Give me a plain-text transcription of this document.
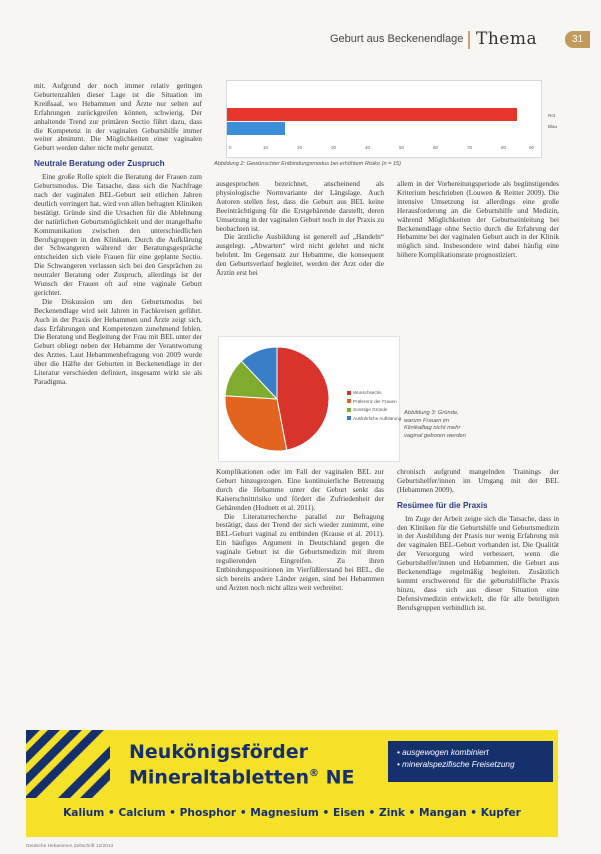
Geburt aus Beckenendlage Thema	31

mit. Aufgrund der noch immer relativ geringen Geburtenzahlen dieser Lage ist die Situation im Kreißsaal, wo Hebammen und Ärzte nur selten auf Erfahrungen zurückgreifen können, schwierig. Der anhaltende Trend zur primären Sectio führt dazu, dass die Kompetenz in der vaginalen Geburtshilfe immer weiter abnimmt. Die Möglichkeiten einer vaginalen Geburt werden daher nicht mehr genutzt.

Neutrale Beratung oder Zuspruch

Eine große Rolle spielt die Beratung der Frauen zum Geburtsmodus. Die Tatsache, dass sich die Nachfrage nach der vaginalen BEL-Geburt seit etlichen Jahren deutlich verringert hat, wird von allen befragten Kliniken bestätigt. Gründe sind die Ursachen für die Ablehnung der natürlichen Geburtsmöglichkeit und der mangelhafte Kommunikation zwischen den unterschiedlichen Berufsgruppen in den Kliniken. Durch die Aufklärung der Schwangeren während der Beratungsgespräche entscheiden sich viele Frauen für eine geplante Sectio. Die Schwangeren verlassen sich bei den Gesprächen zu neutraler Beratung oder Zuspruch, allerdings ist der Wunsch der Frauen oft auf eine vaginale Geburt gerichtet.

Die Diskussion um den Geburtsmodus bei Beckenendlage wird seit Jahren in Fachkreisen geführt. Auch in der Praxis der Hebammen und Ärzte zeigt sich, dass Erfahrungen und Kompetenzen zunehmend fehlen. Die Beratung und Begleitung der Frau mit BEL unter der Geburt obliegt neben der Hebamme der Verantwortung des Arztes. Laut Hebammenbefragung von 2009 wurde über die Hälfte der Geburten in Beckenendlage in der Literatur verschieden definiert, insgesamt wirkt sie als Paradigma.

0	10	20	30	40	50	60	70	80	90
Rot
Blau
Abbildung 2: Gewünschter Entbindungsmodus bei erhöhtem Risiko (n = 15)

ausgesprochen bezeichnet, anscheinend als physiologische Normvariante der Längslage. Auch Autoren stellen fest, dass die Geburt aus BEL keine Beeinträchtigung für die Erstgebärende darstellt, deren Umsetzung in der vaginalen Geburt noch in der Praxis zu beobachten ist.

Die ärztliche Ausbildung ist generell auf „Handeln“ ausgelegt. „Abwarten“ wird nicht gelehrt und nicht belohnt. Im Gegensatz zur Hebamme, die konsequent den Geburtsverlauf begleitet, werden der Arzt oder die Ärztin erst bei

allem in der Vorbereitungsperiode als begünstigendes Kriterium beschrieben (Louwen & Reitter 2009). Die intensive Umsetzung ist allerdings eine große Herausforderung an die Geburtshilfe und Medizin, während Möglichkeiten der Geburtseinleitung bei Beckenendlage ohne Sectio durch die Erfahrung der Hebamme bei der vaginalen Geburt auch in der Klinik möglich sind. Insbesondere wird dabei häufig eine höhere Komplikationsrate prognostiziert.

Wunschsectio
Präferenz der Frauen
Sonstige Gründe
Ausführliche Aufklärung
Abbildung 3: Gründe, warum Frauen im Klinikalltag nicht mehr vaginal geboren werden

Komplikationen oder im Fall der vaginalen BEL zur Geburt hinzugezogen. Eine kontinuierliche Betreuung durch die Hebamme unter der Geburt senkt das Kaiserschnittrisiko und fördert die Zufriedenheit der Gebärenden (Hodnett et al. 2011).

Die Literaturrecherche parallel zur Befragung bestätigt, dass der Trend der sich wieder zunimmt, eine BEL-Geburt vaginal zu entbinden (Krause et al. 2011). Ein häufiges Argument in Deutschland gegen die vaginale Geburt ist die Geburtsmedizin mit ihrem regulierenden Eingreifen. Zu ihren Entbindungspositionen im Vierfüßlerstand bei BEL, die sich bereits andere Länder zeigen, sind bei Hebammen und Ärzten noch nicht allzu weit verbreitet.

chronisch aufgrund mangelnden Trainings der Geburtshelfer/innen im Umgang mit der BEL (Hebammen 2009).

Resümee für die Praxis

Im Zuge der Arbeit zeigte sich die Tatsache, dass in den Kliniken für die Geburtshilfe und Geburtsmedizin in der Ausbildung der Praxis nur wenig Erfahrung mit der vaginalen BEL-Geburt vorhanden ist. Die Qualität der Versorgung wird verbessert, wenn die Geburtshelfer/innen und Hebammen, die Geburt aus Beckenendlage regelmäßig begleiten. Zusätzlich kommt erschwerend für die geburtshilfliche Praxis hinzu, dass sich aus dieser Situation eine Defensivmedizin entwickelt, die für alle beteiligten Berufsgruppen verbindlich ist.

Neukönigsförder
Mineraltabletten® NE
• ausgewogen kombiniert
• mineralspezifische Freisetzung
Kalium • Calcium • Phosphor • Magnesium • Eisen • Zink • Mangan • Kupfer
Deutsche Hebammen Zeitschrift 12/2013
